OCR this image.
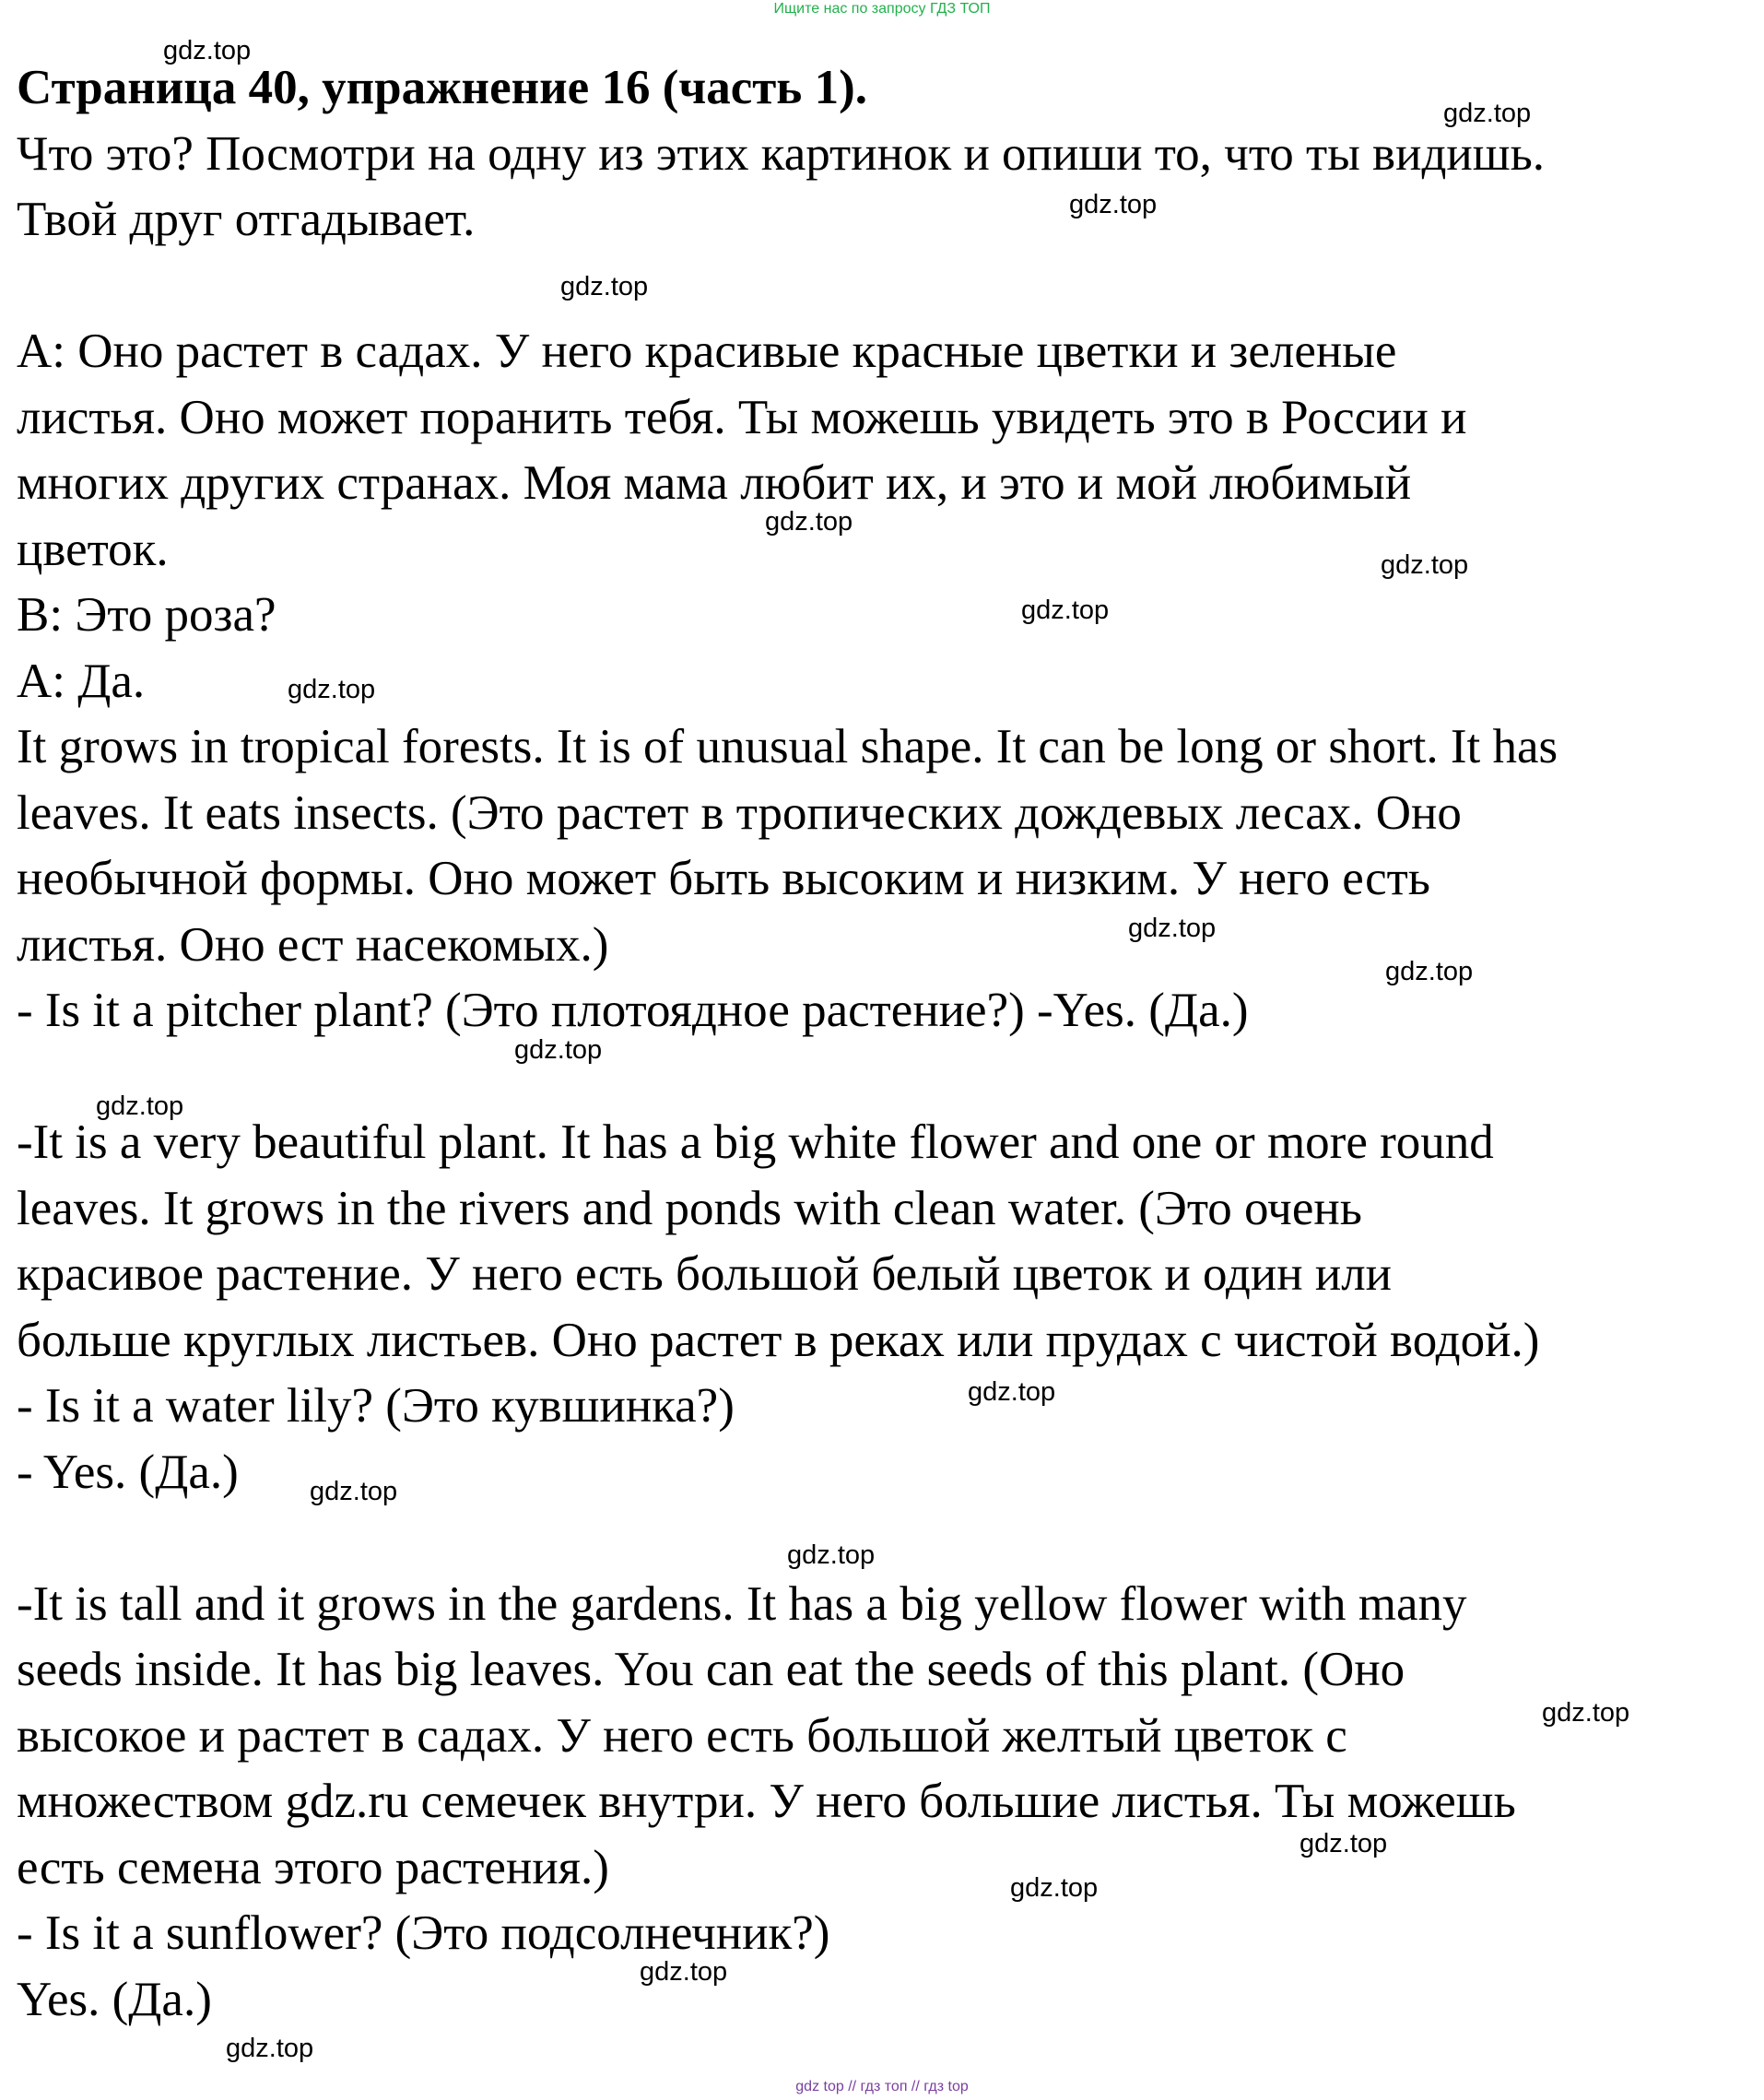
Ищите нас по запросу ГДЗ ТОП

Страница 40, упражнение 16 (часть 1).

Что это? Посмотри на одну из этих картинок и опиши то, что ты видишь.

Твой друг отгадывает.

А: Оно растет в садах. У него красивые красные цветки и зеленые

листья. Оно может поранить тебя. Ты можешь увидеть это в России и

многих других странах. Моя мама любит их, и это и мой любимый

цветок.

В: Это роза?

А: Да.

It grows in tropical forests. It is of unusual shape. It can be long or short. It has

leaves. It eats insects. (Это растет в тропических дождевых лесах. Оно

необычной формы. Оно может быть высоким и низким. У него есть

листья. Оно ест насекомых.)

- Is it a pitcher plant? (Это плотоядное растение?) -Yes. (Да.)

-It is a very beautiful plant. It has a big white flower and one or more round

leaves. It grows in the rivers and ponds with clean water. (Это очень

красивое растение. У него есть большой белый цветок и один или

больше круглых листьев. Оно растет в реках или прудах с чистой водой.)

- Is it a water lily? (Это кувшинка?)

- Yes. (Да.)

-It is tall and it grows in the gardens. It has a big yellow flower with many

seeds inside. It has big leaves. You can eat the seeds of this plant. (Оно

высокое и растет в садах. У него есть большой желтый цветок с

множеством gdz.ru семечек внутри. У него большие листья. Ты можешь

есть семена этого растения.)

- Is it a sunflower? (Это подсолнечник?)

Yes. (Да.)

gdz.top
gdz.top
gdz.top
gdz.top
gdz.top
gdz.top
gdz.top
gdz.top
gdz.top
gdz.top
gdz.top
gdz.top
gdz.top
gdz.top
gdz.top
gdz.top
gdz.top
gdz.top
gdz.top
gdz.top
gdz top // гдз топ // гдз top
